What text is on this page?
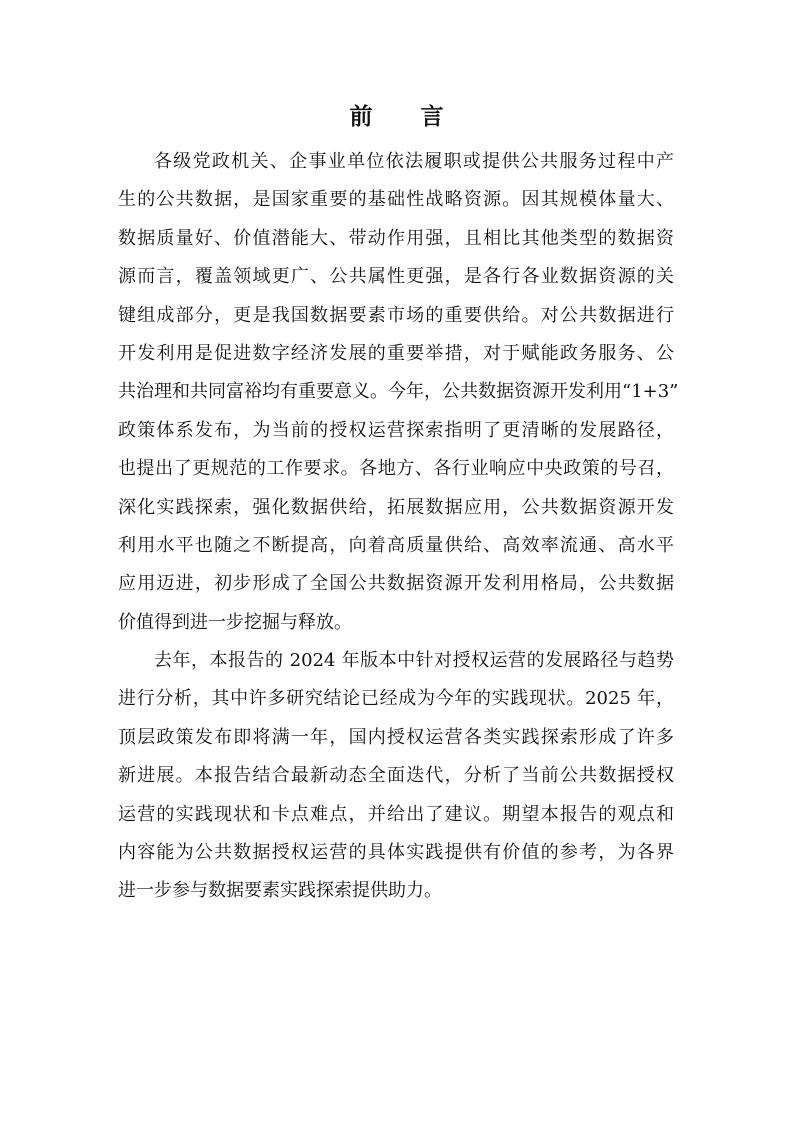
前 言
各级党政机关、企事业单位依法履职或提供公共服务过程中产
生的公共数据，是国家重要的基础性战略资源。因其规模体量大、
数据质量好、价值潜能大、带动作用强，且相比其他类型的数据资
源而言，覆盖领域更广、公共属性更强，是各行各业数据资源的关
键组成部分，更是我国数据要素市场的重要供给。对公共数据进行
开发利用是促进数字经济发展的重要举措，对于赋能政务服务、公
共治理和共同富裕均有重要意义。今年，公共数据资源开发利用“1+3”
政策体系发布，为当前的授权运营探索指明了更清晰的发展路径，
也提出了更规范的工作要求。各地方、各行业响应中央政策的号召，
深化实践探索，强化数据供给，拓展数据应用，公共数据资源开发
利用水平也随之不断提高，向着高质量供给、高效率流通、高水平
应用迈进，初步形成了全国公共数据资源开发利用格局，公共数据
价值得到进一步挖掘与释放。
去年，本报告的 2024 年版本中针对授权运营的发展路径与趋势
进行分析，其中许多研究结论已经成为今年的实践现状。2025 年，
顶层政策发布即将满一年，国内授权运营各类实践探索形成了许多
新进展。本报告结合最新动态全面迭代，分析了当前公共数据授权
运营的实践现状和卡点难点，并给出了建议。期望本报告的观点和
内容能为公共数据授权运营的具体实践提供有价值的参考，为各界
进一步参与数据要素实践探索提供助力。
